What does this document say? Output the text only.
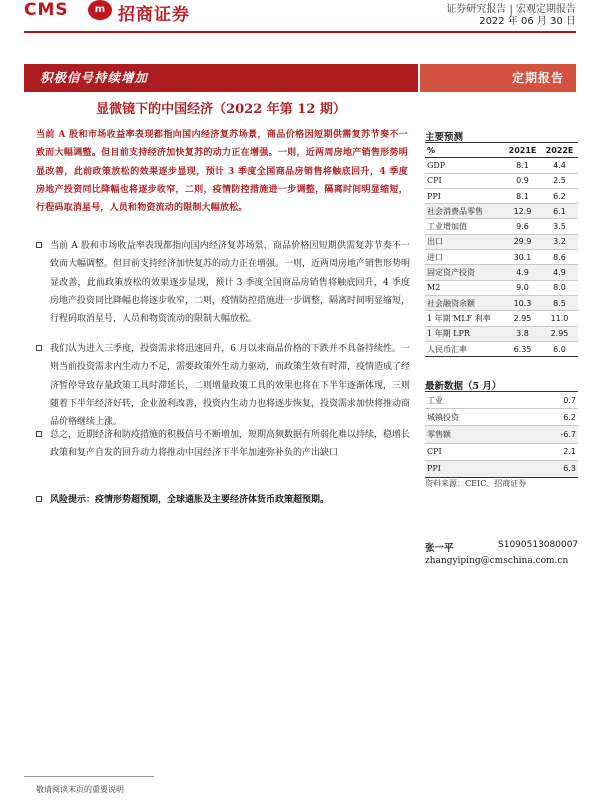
CMS	m 招商证券	证券研究报告 | 宏观定期报告
2022 年 06 月 30 日
积极信号持续增加	定期报告
显微镜下的中国经济（2022 年第 12 期）
当前 A 股和市场收益率表现都指向国内经济复苏场景，商品价格因短期供需复苏节奏不一致而大幅调整。但目前支持经济加快复苏的动力正在增强。一则，近两周房地产销售形势明显改善，此前政策放松的效果逐步显现，预计 3 季度全国商品房销售将触底回升，4 季度房地产投资同比降幅也将逐步收窄，二则，疫情防控措施进一步调整，隔离时间明显缩短，行程码取消星号，人员和物资流动的限制大幅放松。
当前 A 股和市场收益率表现都指向国内经济复苏场景，商品价格因短期供需复苏节奏不一致而大幅调整。但目前支持经济加快复苏的动力正在增强。一则，近两周房地产销售形势明显改善，此前政策放松的效果逐步显现，预计 3 季度全国商品房销售将触底回升，4 季度房地产投资同比降幅也将逐步收窄，二则，疫情防控措施进一步调整，隔离时间明显缩短，行程码取消星号，人员和物资流动的限制大幅放松。
我们认为进入三季度，投资需求将迅速回升，6 月以来商品价格的下跌并不具备持续性。一则当前投资需求内生动力不足，需要政策外生动力驱动，而政策生效有时滞，疫情造成了经济暂停导致存量政策工具时滞延长，二则增量政策工具的效果也将在下半年逐渐体现，三则随着下半年经济好转，企业盈利改善，投资内生动力也将逐步恢复，投资需求加快将推动商品价格继续上涨。
总之，近期经济和防疫措施的积极信号不断增加，短期高频数据有所弱化难以持续，稳增长政策和复产自发的回升动力将推动中国经济下半年加速弥补负的产出缺口
风险提示：疫情形势超预期，全球通胀及主要经济体货币政策超预期。
主要预测
%	2021E	2022E
GDP	8.1	4.4
CPI	0.9	2.5
PPI	8.1	6.2
社会消费品零售	12.9	6.1
工业增加值	9.6	3.5
出口	29.9	3.2
进口	30.1	8.6
固定资产投资	4.9	4.9
M2	9.0	8.0
社会融资余额	10.3	8.5
1 年期 MLF 利率	2.95	11.0
1 年期 LPR	3.8	2.95
人民币汇率	6.35	6.0
最新数据（5 月）
工业	0.7
城镇投资	6.2
零售额	-6.7
CPI	2.1
PPI	6.3
资料来源：CEIC、招商证券
张一平	S1090513080007
zhangyiping@cmschina.com.cn
敬请阅读末页的重要说明
